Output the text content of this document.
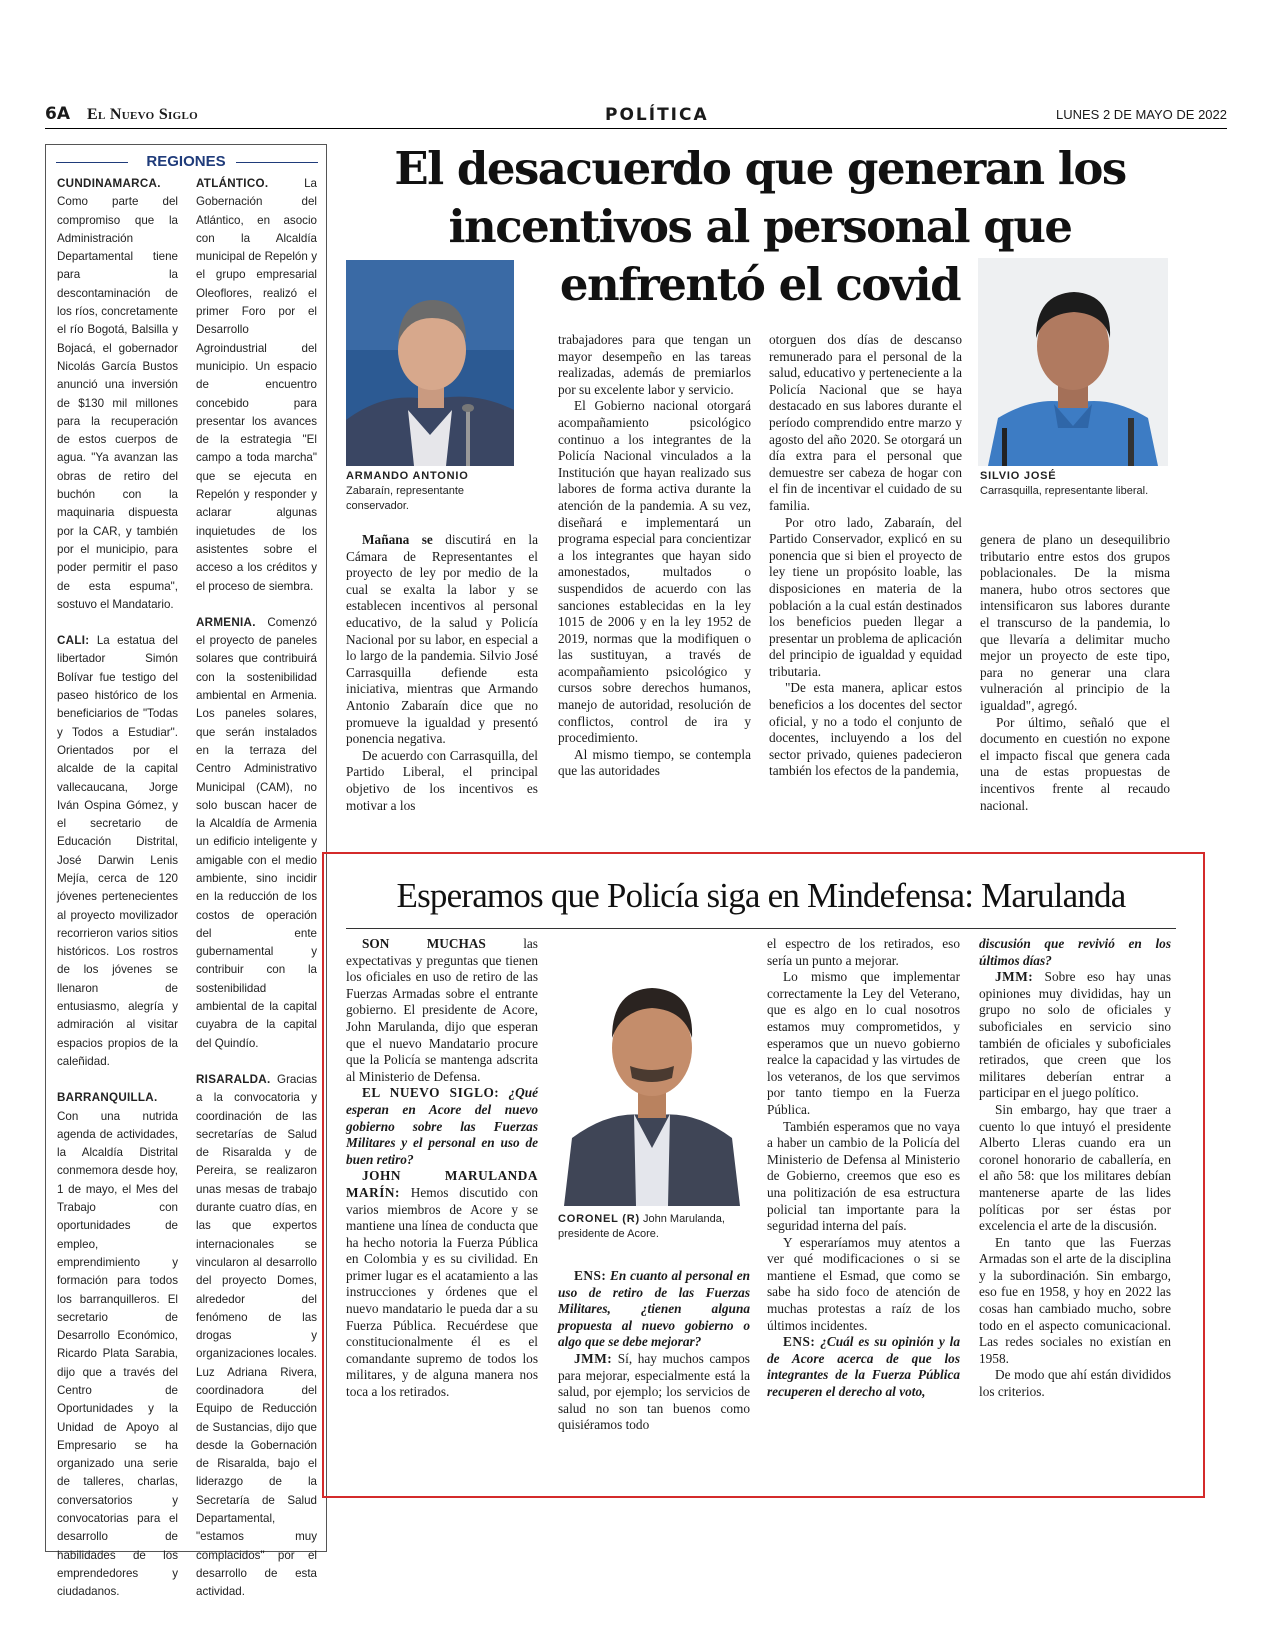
6A El Nuevo Siglo	POLÍTICA	LUNES 2 DE MAYO DE 2022
REGIONES
CUNDINAMARCA. Como parte del compromiso que la Administración Departamental tiene para la descontaminación de los ríos, concretamente el río Bogotá, Balsilla y Bojacá, el gobernador Nicolás García Bustos anunció una inversión de $130 mil millones para la recuperación de estos cuerpos de agua. "Ya avanzan las obras de retiro del buchón con la maquinaria dispuesta por la CAR, y también por el municipio, para poder permitir el paso de esta espuma", sostuvo el Mandatario.
CALI: La estatua del libertador Simón Bolívar fue testigo del paseo histórico de los beneficiarios de "Todas y Todos a Estudiar". Orientados por el alcalde de la capital vallecaucana, Jorge Iván Ospina Gómez, y el secretario de Educación Distrital, José Darwin Lenis Mejía, cerca de 120 jóvenes pertenecientes al proyecto movilizador recorrieron varios sitios históricos. Los rostros de los jóvenes se llenaron de entusiasmo, alegría y admiración al visitar espacios propios de la caleñidad.
BARRANQUILLA. Con una nutrida agenda de actividades, la Alcaldía Distrital conmemora desde hoy, 1 de mayo, el Mes del Trabajo con oportunidades de empleo, emprendimiento y formación para todos los barranquilleros. El secretario de Desarrollo Económico, Ricardo Plata Sarabia, dijo que a través del Centro de Oportunidades y la Unidad de Apoyo al Empresario se ha organizado una serie de talleres, charlas, conversatorios y convocatorias para el desarrollo de habilidades de los emprendedores y ciudadanos.
ATLÁNTICO.	La Gobernación del Atlántico, en asocio con la Alcaldía municipal de Repelón y el grupo empresarial Oleoflores, realizó el primer Foro por el Desarrollo Agroindustrial del municipio. Un espacio de encuentro concebido para presentar los avances de la estrategia "El campo a toda marcha" que se ejecuta en Repelón y responder y aclarar algunas inquietudes de los asistentes sobre el acceso a los créditos y el proceso de siembra.
ARMENIA. Comenzó el proyecto de paneles solares que contribuirá con la sostenibilidad ambiental en Armenia. Los paneles solares, que serán instalados en la terraza del Centro Administrativo Municipal (CAM), no solo buscan hacer de la Alcaldía de Armenia un edificio inteligente y amigable con el medio ambiente, sino incidir en la reducción de los costos de operación del ente gubernamental y contribuir con la sostenibilidad ambiental de la capital cuyabra de la capital del Quindío.
RISARALDA. Gracias a la convocatoria y coordinación de las secretarías de Salud de Risaralda y de Pereira, se realizaron unas mesas de trabajo durante cuatro días, en las que expertos internacionales se vincularon al desarrollo del proyecto Domes, alrededor del fenómeno de las drogas y organizaciones locales. Luz Adriana Rivera, coordinadora del Equipo de Reducción de Sustancias, dijo que desde la Gobernación de Risaralda, bajo el liderazgo de la Secretaría de Salud Departamental, "estamos muy complacidos" por el desarrollo de esta actividad.
El desacuerdo que generan los incentivos al personal que enfrentó el covid
ARMANDO ANTONIO
Zabaraín, representante conservador.
SILVIO JOSÉ
Carrasquilla, representante liberal.

Mañana se discutirá en la Cámara de Representantes el proyecto de ley por medio de la cual se exalta la labor y se establecen incentivos al personal educativo, de la salud y Policía Nacional por su labor, en especial a lo largo de la pandemia. Silvio José Carrasquilla defiende esta iniciativa, mientras que Armando Antonio Zabaraín dice que no promueve la igualdad y presentó ponencia negativa.

De acuerdo con Carrasquilla, del Partido Liberal, el principal objetivo de los incentivos es motivar a los

trabajadores para que tengan un mayor desempeño en las tareas realizadas, además de premiarlos por su excelente labor y servicio.

El Gobierno nacional otorgará acompañamiento psicológico continuo a los integrantes de la Policía Nacional vinculados a la Institución que hayan realizado sus labores de forma activa durante la atención de la pandemia. A su vez, diseñará e implementará un programa especial para concientizar a los integrantes que hayan sido amonestados, multados o suspendidos de acuerdo con las sanciones establecidas en la ley 1015 de 2006 y en la ley 1952 de 2019, normas que la modifiquen o las sustituyan, a través de acompañamiento psicológico y cursos sobre derechos humanos, manejo de autoridad, resolución de conflictos, control de ira y procedimiento.

Al mismo tiempo, se contempla que las autoridades

otorguen dos días de descanso remunerado para el personal de la salud, educativo y perteneciente a la Policía Nacional que se haya destacado en sus labores durante el período comprendido entre marzo y agosto del año 2020. Se otorgará un día extra para el personal que demuestre ser cabeza de hogar con el fin de incentivar el cuidado de su familia.

Por otro lado, Zabaraín, del Partido Conservador, explicó en su ponencia que si bien el proyecto de ley tiene un propósito loable, las disposiciones en materia de la población a la cual están destinados los beneficios pueden llegar a presentar un problema de aplicación del principio de igualdad y equidad tributaria.

"De esta manera, aplicar estos beneficios a los docentes del sector oficial, y no a todo el conjunto de docentes, incluyendo a los del sector privado, quienes padecieron también los efectos de la pandemia,

genera de plano un desequilibrio tributario entre estos dos grupos poblacionales. De la misma manera, hubo otros sectores que intensificaron sus labores durante el transcurso de la pandemia, lo que llevaría a delimitar mucho mejor un proyecto de este tipo, para no generar una clara vulneración al principio de la igualdad", agregó.

Por último, señaló que el documento en cuestión no expone el impacto fiscal que genera cada una de estas propuestas de incentivos frente al recaudo nacional.

Esperamos que Policía siga en Mindefensa: Marulanda

SON MUCHAS las expectativas y preguntas que tienen los oficiales en uso de retiro de las Fuerzas Armadas sobre el entrante gobierno. El presidente de Acore, John Marulanda, dijo que esperan que el nuevo Mandatario procure que la Policía se mantenga adscrita al Ministerio de Defensa.

EL NUEVO SIGLO: ¿Qué esperan en Acore del nuevo gobierno sobre las Fuerzas Militares y el personal en uso de buen retiro?

JOHN MARULANDA MARÍN: Hemos discutido con varios miembros de Acore y se mantiene una línea de conducta que ha hecho notoria la Fuerza Pública en Colombia y es su civilidad. En primer lugar es el acatamiento a las instrucciones y órdenes que el nuevo mandatario le pueda dar a su Fuerza Pública. Recuérdese que constitucionalmente él es el comandante supremo de todos los militares, y de alguna manera nos toca a los retirados.

CORONEL (R) John Marulanda, presidente de Acore.

ENS: En cuanto al personal en uso de retiro de las Fuerzas Militares, ¿tienen alguna propuesta al nuevo gobierno o algo que se debe mejorar?

JMM: Sí, hay muchos campos para mejorar, especialmente está la salud, por ejemplo; los servicios de salud no son tan buenos como quisiéramos todo

el espectro de los retirados, eso sería un punto a mejorar.

Lo mismo que implementar correctamente la Ley del Veterano, que es algo en lo cual nosotros estamos muy comprometidos, y esperamos que un nuevo gobierno realce la capacidad y las virtudes de los veteranos, de los que servimos por tanto tiempo en la Fuerza Pública.

También esperamos que no vaya a haber un cambio de la Policía del Ministerio de Defensa al Ministerio de Gobierno, creemos que eso es una politización de esa estructura policial tan importante para la seguridad interna del país.

Y esperaríamos muy atentos a ver qué modificaciones o si se mantiene el Esmad, que como se sabe ha sido foco de atención de muchas protestas a raíz de los últimos incidentes.

ENS: ¿Cuál es su opinión y la de Acore acerca de que los integrantes de la Fuerza Pública recuperen el derecho al voto,

discusión que revivió en los últimos días?

JMM: Sobre eso hay unas opiniones muy divididas, hay un grupo no solo de oficiales y suboficiales en servicio sino también de oficiales y suboficiales retirados, que creen que los militares deberían entrar a participar en el juego político.

Sin embargo, hay que traer a cuento lo que intuyó el presidente Alberto Lleras cuando era un coronel honorario de caballería, en el año 58: que los militares debían mantenerse aparte de las lides políticas por ser éstas por excelencia el arte de la discusión.

En tanto que las Fuerzas Armadas son el arte de la disciplina y la subordinación. Sin embargo, eso fue en 1958, y hoy en 2022 las cosas han cambiado mucho, sobre todo en el aspecto comunicacional. Las redes sociales no existían en 1958.

De modo que ahí están divididos los criterios.
